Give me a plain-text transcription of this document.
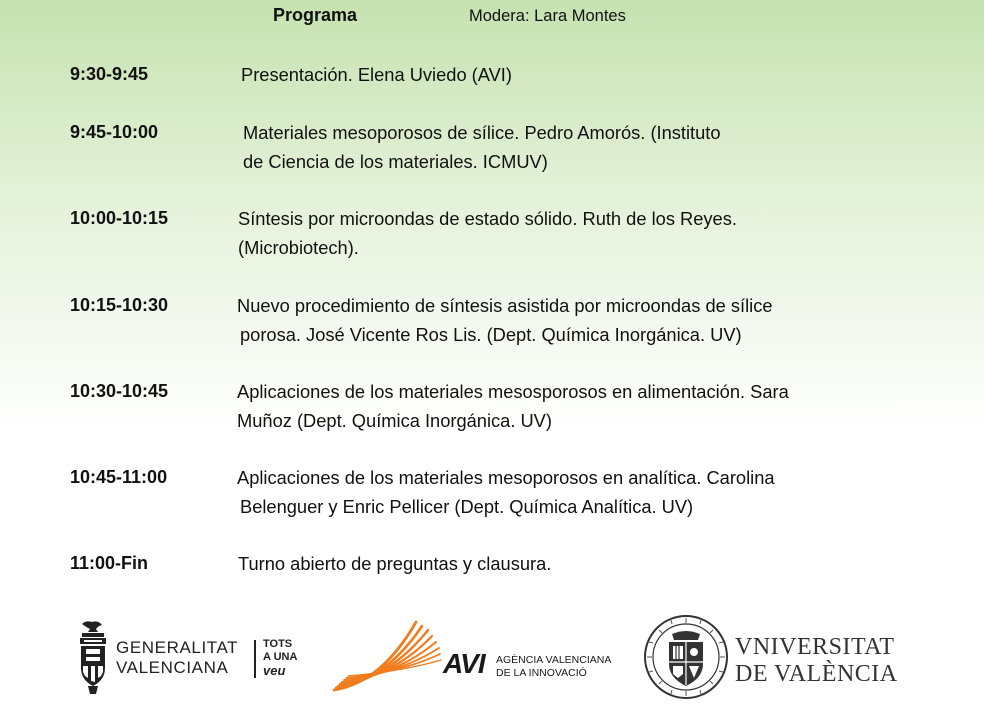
Programa	Modera: Lara Montes
9:30-9:45	Presentación. Elena Uviedo (AVI)
9:45-10:00	Materiales mesoporosos de sílice. Pedro Amorós. (Instituto
de Ciencia de los materiales. ICMUV)
10:00-10:15	Síntesis por microondas de estado sólido. Ruth de los Reyes.
(Microbiotech).
10:15-10:30	Nuevo procedimiento de síntesis asistida por microondas de sílice
porosa. José Vicente Ros Lis. (Dept. Química Inorgánica. UV)
10:30-10:45	Aplicaciones de los materiales mesosporosos en alimentación. Sara
Muñoz (Dept. Química Inorgánica. UV)
10:45-11:00	Aplicaciones de los materiales mesoporosos en analítica. Carolina
Belenguer y Enric Pellicer (Dept. Química Analítica. UV)
11:00-Fin	Turno abierto de preguntas y clausura.
GENERALITAT
VALENCIANA
TOTS
A UNA
veu	AVI AGÈNCIA VALENCIANA
DE LA INNOVACIÓ
VNIVERSITAT
DE VALÈNCIA
